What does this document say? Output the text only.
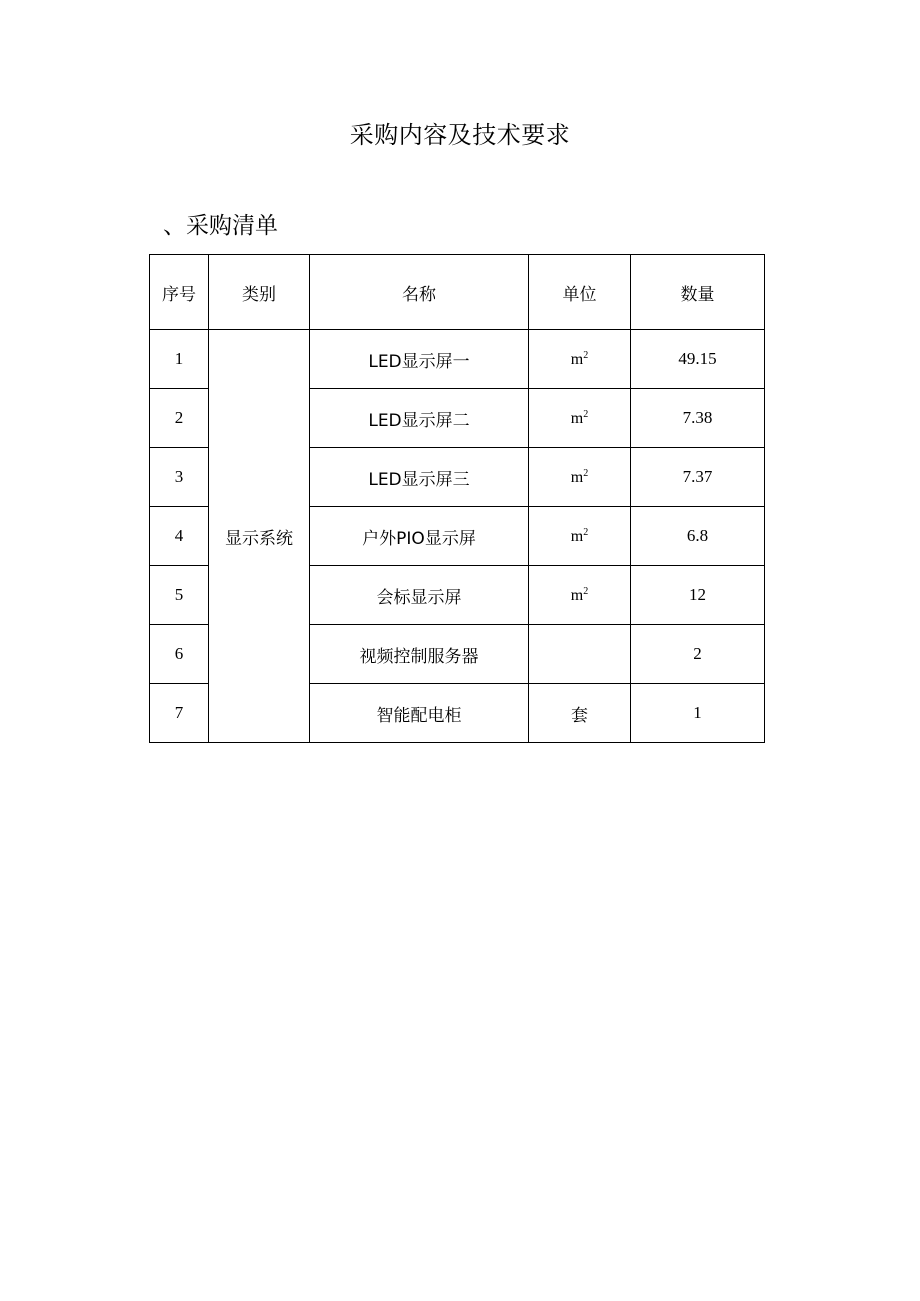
采购内容及技术要求
、采购清单
序号	类别	名称	单位	数量
1	显示系统	LED显示屏一	$m^2$	49.15
2		LED显示屏二	$m^2$	7.38
3		LED显示屏三	$m^2$	7.37
4		户外PIO显示屏	$m^2$	6.8
5		会标显示屏	$m^2$	12
6		视频控制服务器		2
7		智能配电柜	套	1
